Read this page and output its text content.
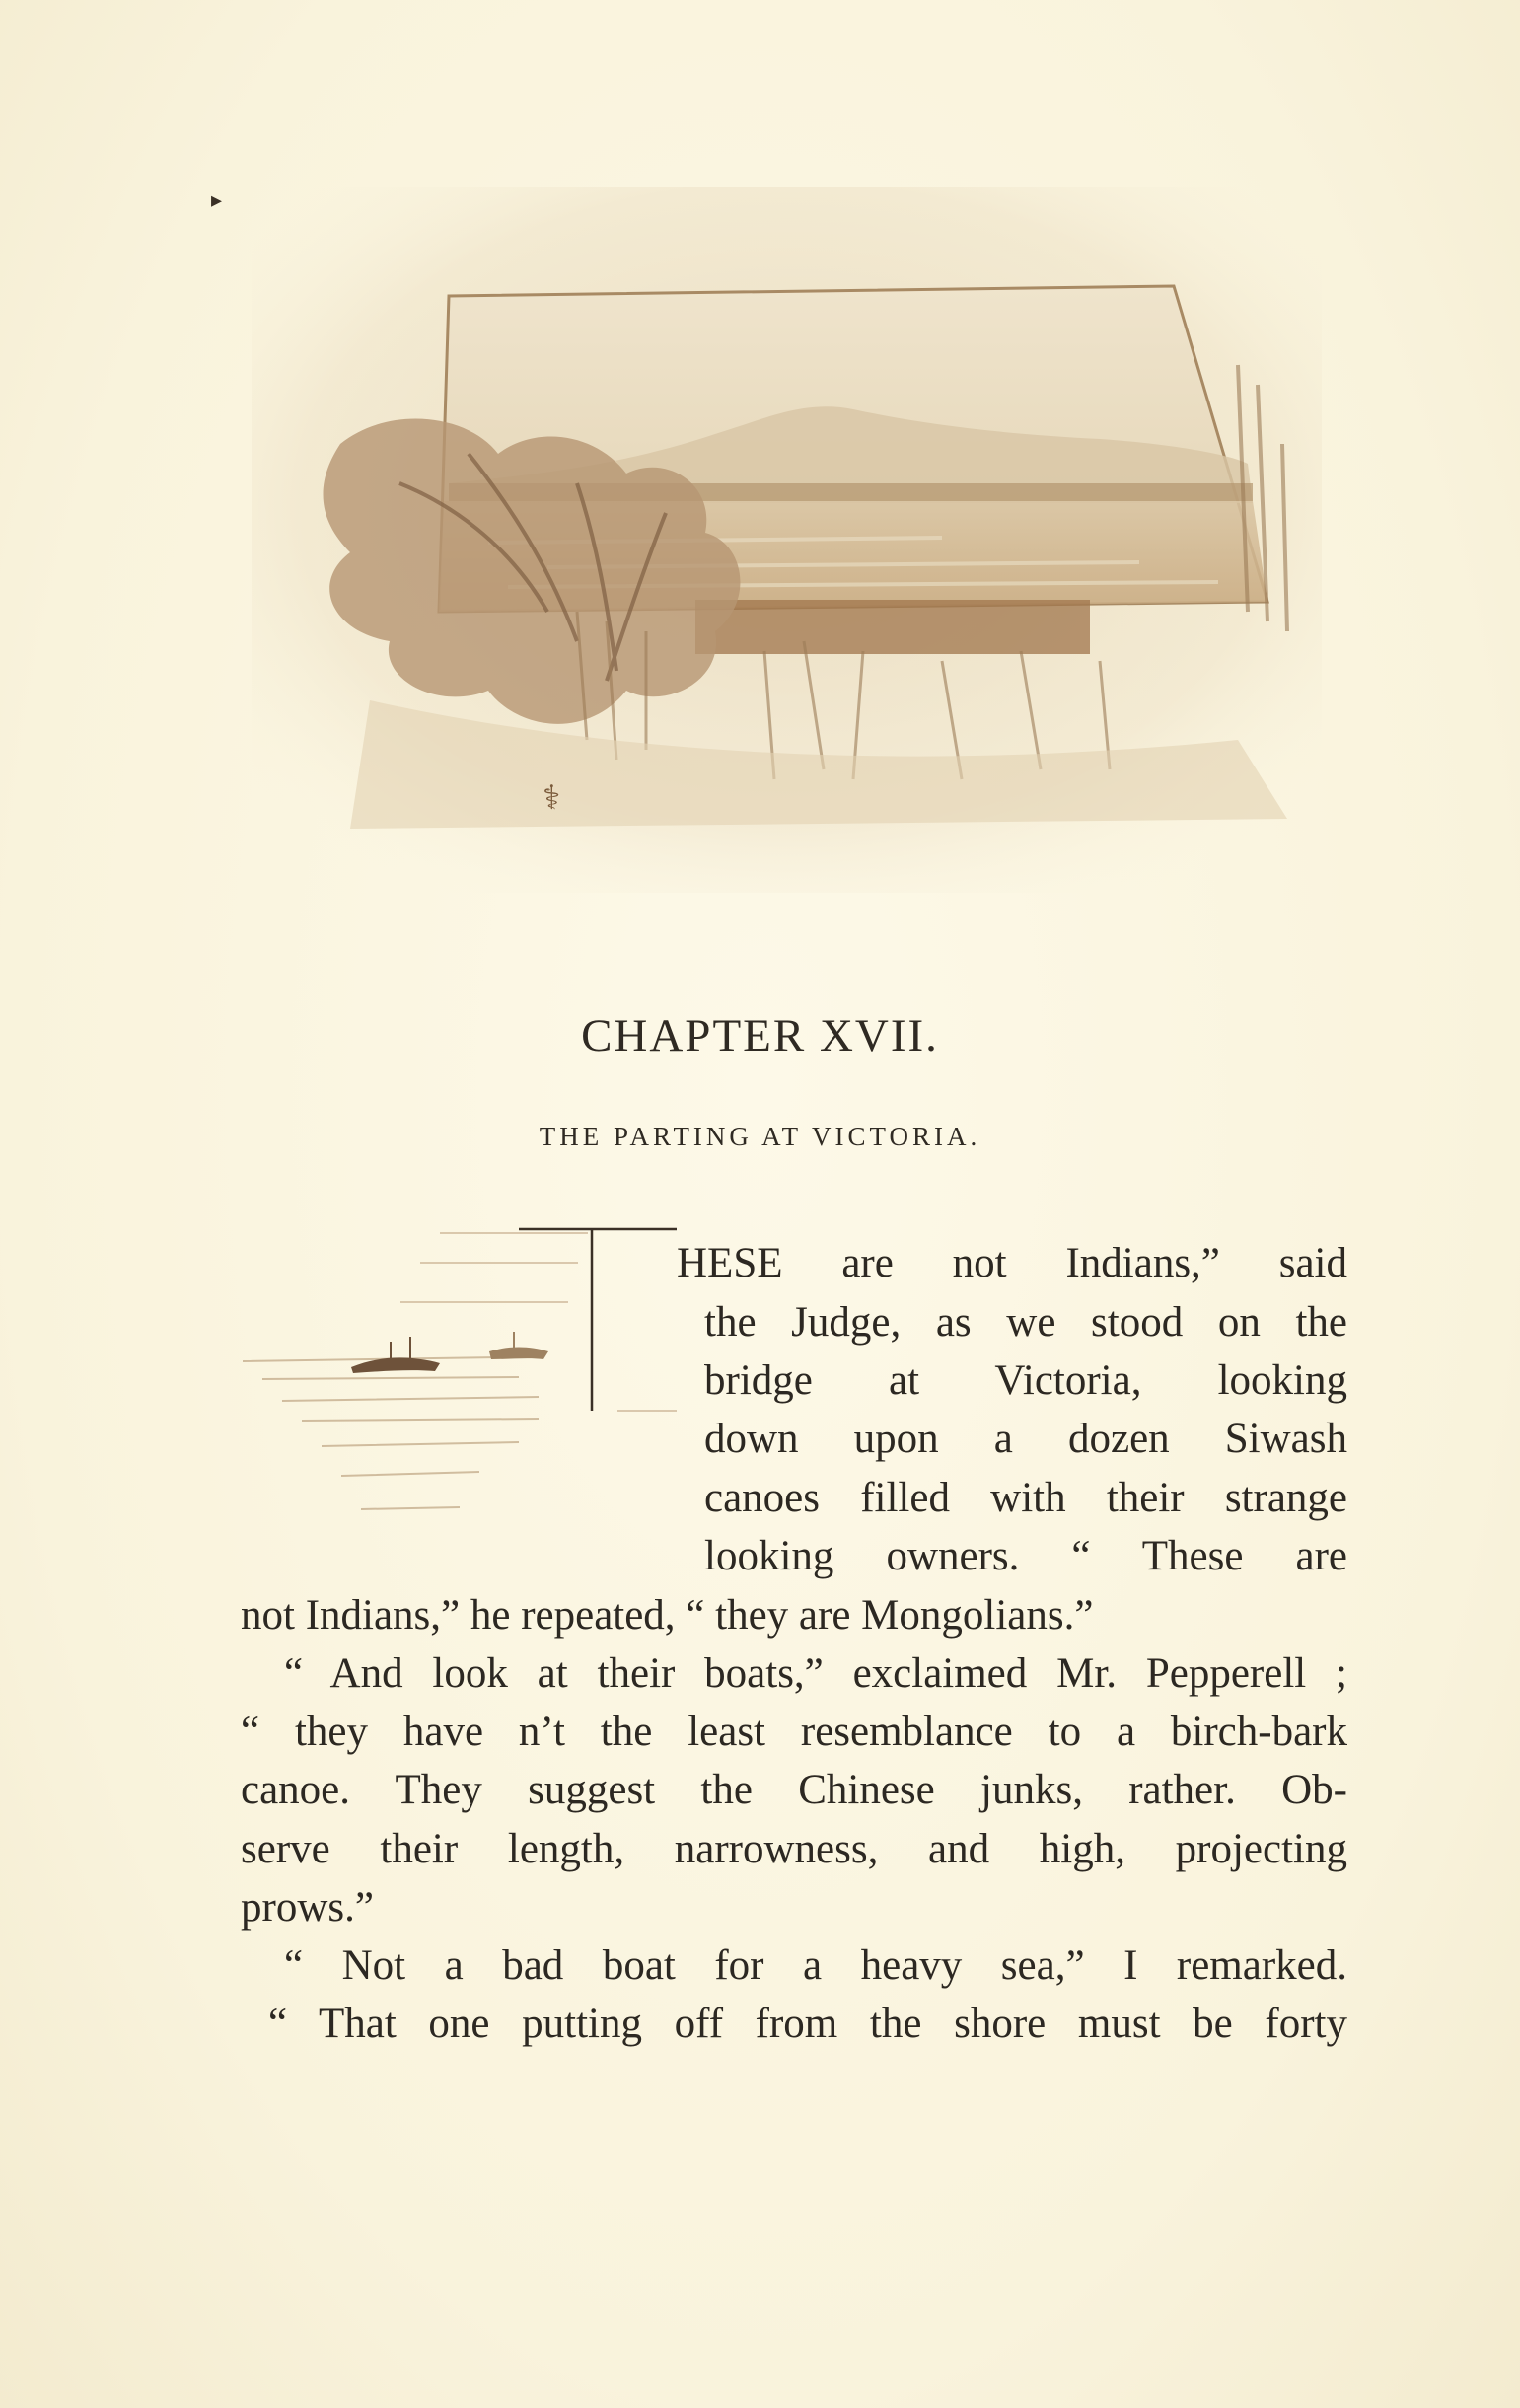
▸
⚕
CHAPTER XVII.
THE PARTING AT VICTORIA.
HESE are not Indians,” said
the Judge, as we stood on the
bridge at Victoria, looking
down upon a dozen Siwash
canoes filled with their strange
looking owners. “ These are
not Indians,” he repeated, “ they are Mongolians.”
“ And look at their boats,” exclaimed Mr. Pepperell ;
“ they have n’t the least resemblance to a birch-bark
canoe. They suggest the Chinese junks, rather. Ob-
serve their length, narrowness, and high, projecting
prows.”
“ Not a bad boat for a heavy sea,” I remarked.
“ That one putting off from the shore must be forty
